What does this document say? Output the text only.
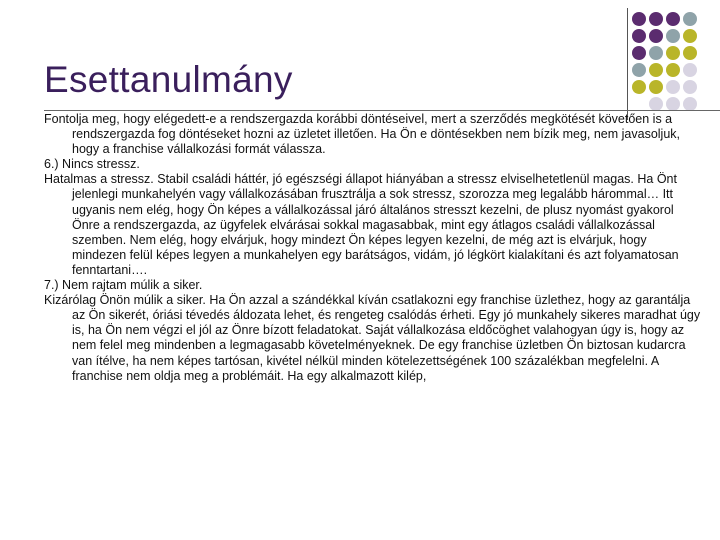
Esettanulmány

Fontolja meg, hogy elégedett-e a rendszergazda korábbi döntéseivel, mert a szerződés megkötését követően is a rendszergazda fog döntéseket hozni az üzletet illetően. Ha Ön e döntésekben nem bízik meg, nem javasoljuk, hogy a franchise vállalkozási formát válassza.

6.) Nincs stressz.

Hatalmas a stressz. Stabil családi háttér, jó egészségi állapot hiányában a stressz elviselhetetlenül magas. Ha Önt jelenlegi munkahelyén vagy vállalkozásában frusztrálja a sok stressz, szorozza meg legalább hárommal… Itt ugyanis nem elég, hogy Ön képes a vállalkozással járó általános stresszt kezelni, de plusz nyomást gyakorol Önre a rendszergazda, az ügyfelek elvárásai sokkal magasabbak, mint egy átlagos családi vállalkozással szemben. Nem elég, hogy elvárjuk, hogy mindezt Ön képes legyen kezelni, de még azt is elvárjuk, hogy mindezen felül képes legyen a munkahelyen egy barátságos, vidám, jó légkört kialakítani és azt folyamatosan fenntartani….

7.) Nem rajtam múlik a siker.

Kizárólag Önön múlik a siker. Ha Ön azzal a szándékkal kíván csatlakozni egy franchise üzlethez, hogy az garantálja az Ön sikerét, óriási tévedés áldozata lehet, és rengeteg csalódás érheti. Egy jó munkahely sikeres maradhat úgy is, ha Ön nem végzi el jól az Önre bízott feladatokat. Saját vállalkozása eldőcöghet valahogyan úgy is, hogy az nem felel meg mindenben a legmagasabb követelményeknek. De egy franchise üzletben Ön biztosan kudarcra van ítélve, ha nem képes tartósan, kivétel nélkül minden kötelezettségének 100 százalékban megfelelni. A franchise nem oldja meg a problémáit. Ha egy alkalmazott kilép,
